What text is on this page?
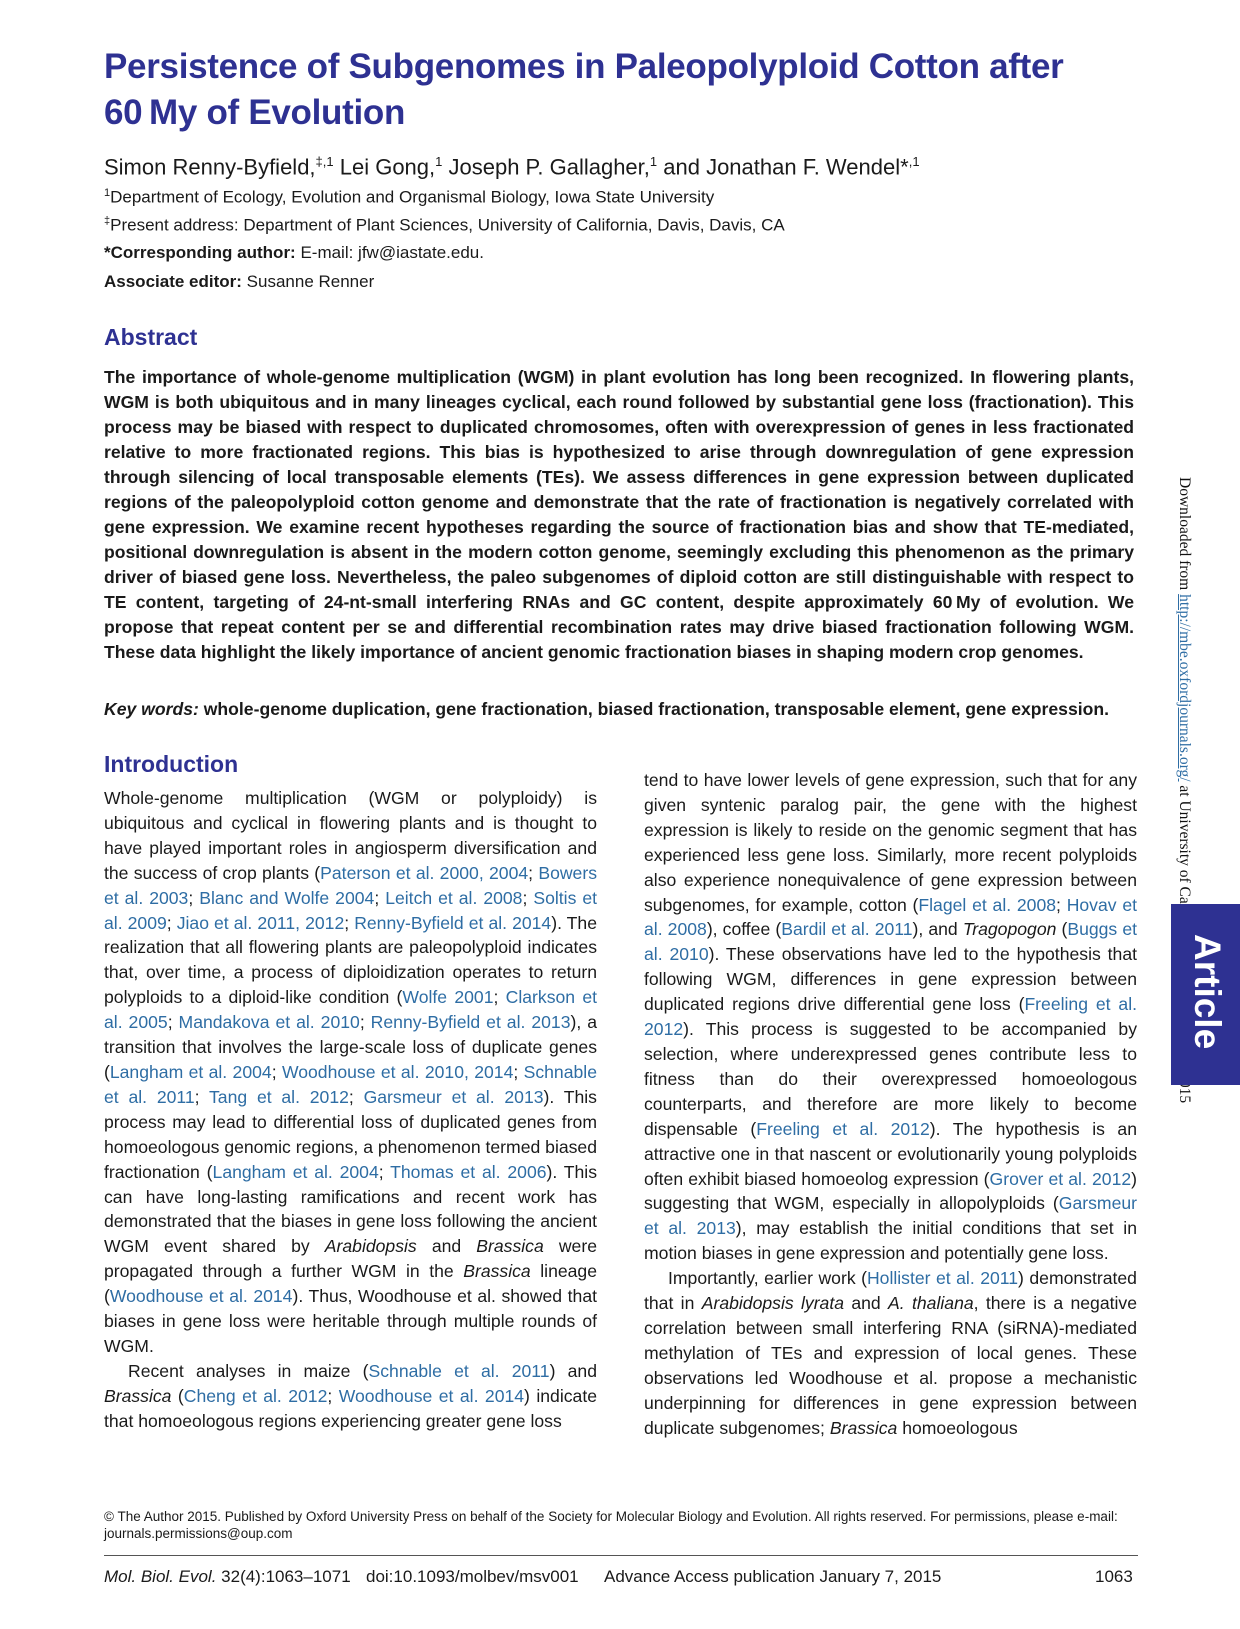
Persistence of Subgenomes in Paleopolyploid Cotton after 60 My of Evolution

Simon Renny-Byfield,$^{\ddagger,1}$ Lei Gong,$^1$ Joseph P. Gallagher,$^1$ and Jonathan F. Wendel*$^{,1}$

$^1$Department of Ecology, Evolution and Organismal Biology, Iowa State University

‡Present address: Department of Plant Sciences, University of California, Davis, Davis, CA

*Corresponding author: E-mail: jfw@iastate.edu.

Associate editor: Susanne Renner

Abstract

The importance of whole-genome multiplication (WGM) in plant evolution has long been recognized. In flowering plants, WGM is both ubiquitous and in many lineages cyclical, each round followed by substantial gene loss (fractionation). This process may be biased with respect to duplicated chromosomes, often with overexpression of genes in less fractionated relative to more fractionated regions. This bias is hypothesized to arise through downregulation of gene expression through silencing of local transposable elements (TEs). We assess differences in gene expression between duplicated regions of the paleopolyploid cotton genome and demonstrate that the rate of fractionation is negatively correlated with gene expression. We examine recent hypotheses regarding the source of fractionation bias and show that TE-mediated, positional downregulation is absent in the modern cotton genome, seemingly excluding this phenomenon as the primary driver of biased gene loss. Nevertheless, the paleo subgenomes of diploid cotton are still distinguishable with respect to TE content, targeting of 24-nt-small interfering RNAs and GC content, despite approximately 60 My of evolution. We propose that repeat content per se and differential recombination rates may drive biased fractionation following WGM. These data highlight the likely importance of ancient genomic fractionation biases in shaping modern crop genomes.

Key words: whole-genome duplication, gene fractionation, biased fractionation, transposable element, gene expression.

Introduction

Whole-genome multiplication (WGM or polyploidy) is ubiquitous and cyclical in flowering plants and is thought to have played important roles in angiosperm diversification and the success of crop plants (Paterson et al. 2000, 2004; Bowers et al. 2003; Blanc and Wolfe 2004; Leitch et al. 2008; Soltis et al. 2009; Jiao et al. 2011, 2012; Renny-Byfield et al. 2014). The realization that all flowering plants are paleopolyploid indicates that, over time, a process of diploidization operates to return polyploids to a diploid-like condition (Wolfe 2001; Clarkson et al. 2005; Mandakova et al. 2010; Renny-Byfield et al. 2013), a transition that involves the large-scale loss of duplicate genes (Langham et al. 2004; Woodhouse et al. 2010, 2014; Schnable et al. 2011; Tang et al. 2012; Garsmeur et al. 2013). This process may lead to differential loss of duplicated genes from homoeologous genomic regions, a phenomenon termed biased fractionation (Langham et al. 2004; Thomas et al. 2006). This can have long-lasting ramifications and recent work has demonstrated that the biases in gene loss following the ancient WGM event shared by Arabidopsis and Brassica were propagated through a further WGM in the Brassica lineage (Woodhouse et al. 2014). Thus, Woodhouse et al. showed that biases in gene loss were heritable through multiple rounds of WGM.

Recent analyses in maize (Schnable et al. 2011) and Brassica (Cheng et al. 2012; Woodhouse et al. 2014) indicate that homoeologous regions experiencing greater gene loss

tend to have lower levels of gene expression, such that for any given syntenic paralog pair, the gene with the highest expression is likely to reside on the genomic segment that has experienced less gene loss. Similarly, more recent polyploids also experience nonequivalence of gene expression between subgenomes, for example, cotton (Flagel et al. 2008; Hovav et al. 2008), coffee (Bardil et al. 2011), and Tragopogon (Buggs et al. 2010). These observations have led to the hypothesis that following WGM, differences in gene expression between duplicated regions drive differential gene loss (Freeling et al. 2012). This process is suggested to be accompanied by selection, where underexpressed genes contribute less to fitness than do their overexpressed homoeologous counterparts, and therefore are more likely to become dispensable (Freeling et al. 2012). The hypothesis is an attractive one in that nascent or evolutionarily young polyploids often exhibit biased homoeolog expression (Grover et al. 2012) suggesting that WGM, especially in allopolyploids (Garsmeur et al. 2013), may establish the initial conditions that set in motion biases in gene expression and potentially gene loss.

Importantly, earlier work (Hollister et al. 2011) demonstrated that in Arabidopsis lyrata and A. thaliana, there is a negative correlation between small interfering RNA (siRNA)-mediated methylation of TEs and expression of local genes. These observations led Woodhouse et al. propose a mechanistic underpinning for differences in gene expression between duplicate subgenomes; Brassica homoeologous

Downloaded from http://mbe.oxfordjournals.org/
Article

© The Author 2015. Published by Oxford University Press on behalf of the Society for Molecular Biology and Evolution. All rights reserved. For permissions, please e-mail: journals.permissions@oup.com

Mol. Biol. Evol. 32(4):1063–1071 doi:10.1093/molbev/msv001 Advance Access publication January 7, 2015	1063
